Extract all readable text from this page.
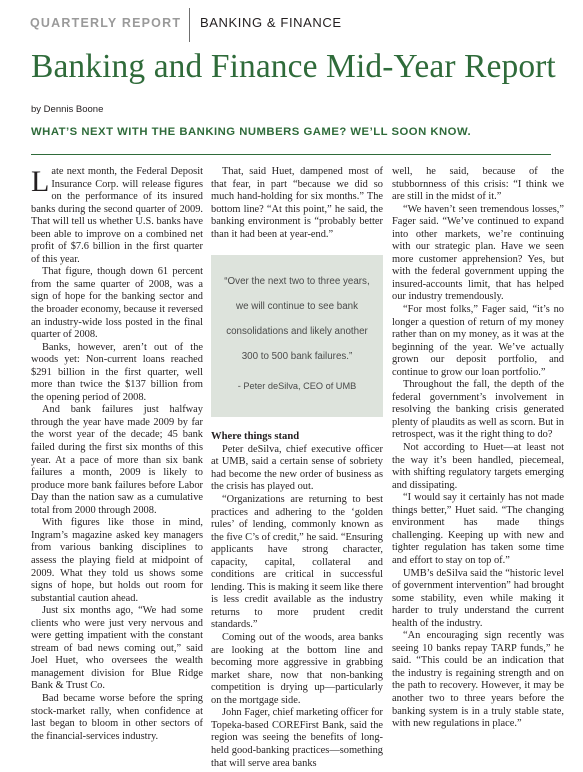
QUARTERLY REPORT BANKING & FINANCE
Banking and Finance Mid-Year Report
by Dennis Boone
WHAT’S NEXT WITH THE BANKING NUMBERS GAME? WE’LL SOON KNOW.

Late next month, the Federal Deposit Insurance Corp. will release figures on the performance of its insured banks during the second quarter of 2009. That will tell us whether U.S. banks have been able to improve on a combined net profit of $7.6 billion in the first quarter of this year.

That figure, though down 61 percent from the same quarter of 2008, was a sign of hope for the banking sector and the broader economy, because it reversed an industry-wide loss posted in the final quarter of 2008.

Banks, however, aren’t out of the woods yet: Non-current loans reached $291 billion in the first quarter, well more than twice the $137 billion from the opening period of 2008.

And bank failures just halfway through the year have made 2009 by far the worst year of the decade; 45 bank failed during the first six months of this year. At a pace of more than six bank failures a month, 2009 is likely to produce more bank failures before Labor Day than the nation saw as a cumulative total from 2000 through 2008.

With figures like those in mind, Ingram’s magazine asked key managers from various banking disciplines to assess the playing field at midpoint of 2009. What they told us shows some signs of hope, but holds out room for substantial caution ahead.

Just six months ago, “We had some clients who were just very nervous and were getting impatient with the constant stream of bad news coming out,” said Joel Huet, who oversees the wealth management division for Blue Ridge Bank & Trust Co.

Bad became worse before the spring stock-market rally, when confidence at last began to bloom in other sectors of the financial-services industry.

That, said Huet, dampened most of that fear, in part “because we did so much hand-holding for six months.” The bottom line? “At this point,” he said, the banking environment is “probably better than it had been at year-end.”

“Over the next two to three years, we will continue to see bank consolidations and likely another 300 to 500 bank failures.”
- Peter deSilva, CEO of UMB
Where things stand

Peter deSilva, chief executive officer at UMB, said a certain sense of sobriety had become the new order of business as the crisis has played out.

“Organizations are returning to best practices and adhering to the ‘golden rules’ of lending, commonly known as the five C’s of credit,” he said. “Ensuring applicants have strong character, capacity, capital, collateral and conditions are critical in successful lending. This is making it seem like there is less credit available as the industry returns to more prudent credit standards.”

Coming out of the woods, area banks are looking at the bottom line and becoming more aggressive in grabbing market share, now that non-banking competition is drying up—particularly on the mortgage side.

John Fager, chief marketing officer for Topeka-based COREFirst Bank, said the region was seeing the benefits of long-held good-banking practices—something that will serve area banks

well, he said, because of the stubbornness of this crisis: “I think we are still in the midst of it.”

“We haven’t seen tremendous losses,” Fager said. “We’ve continued to expand into other markets, we’re continuing with our strategic plan. Have we seen more customer apprehension? Yes, but with the federal government upping the insured-accounts limit, that has helped our industry tremendously.

“For most folks,” Fager said, “it’s no longer a question of return of my money rather than on my money, as it was at the beginning of the year. We’ve actually grown our deposit portfolio, and continue to grow our loan portfolio.”

Throughout the fall, the depth of the federal government’s involvement in resolving the banking crisis generated plenty of plaudits as well as scorn. But in retrospect, was it the right thing to do?

Not according to Huet—at least not the way it’s been handled, piecemeal, with shifting regulatory targets emerging and dissipating.

“I would say it certainly has not made things better,” Huet said. “The changing environment has made things challenging. Keeping up with new and tighter regulation has taken some time and effort to stay on top of.”

UMB’s deSilva said the “historic level of government intervention” had brought some stability, even while making it harder to truly understand the current health of the industry.

“An encouraging sign recently was seeing 10 banks repay TARP funds,” he said. “This could be an indication that the industry is regaining strength and on the path to recovery. However, it may be another two to three years before the banking system is in a truly stable state, with new regulations in place.”
